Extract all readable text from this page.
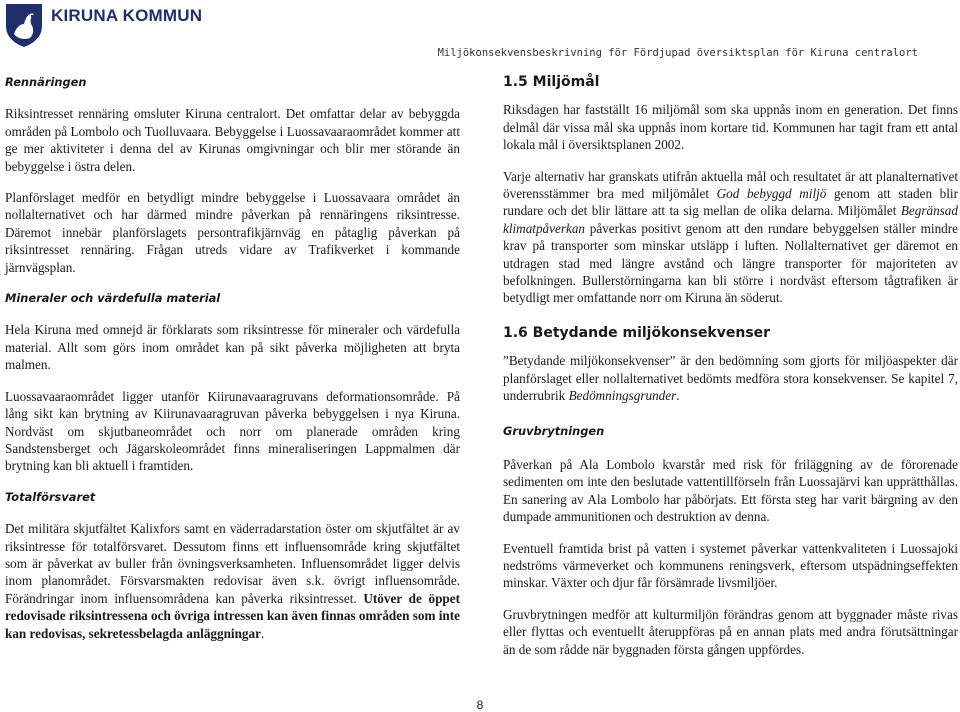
KIRUNA KOMMUN
Miljökonsekvensbeskrivning för Fördjupad översiktsplan för Kiruna centralort
Rennäringen

Riksintresset rennäring omsluter Kiruna centralort. Det omfattar delar av bebyggda områden på Lombolo och Tuolluvaara. Bebyggelse i Luossavaaraområdet kommer att ge mer aktiviteter i denna del av Kirunas omgivningar och blir mer störande än bebyggelse i östra delen.

Planförslaget medför en betydligt mindre bebyggelse i Luossavaara området än nollalternativet och har därmed mindre påverkan på rennäringens riksintresse. Däremot innebär planförslagets persontrafikjärnväg en påtaglig påverkan på riksintresset rennäring. Frågan utreds vidare av Trafikverket i kommande järnvägsplan.

Mineraler och värdefulla material

Hela Kiruna med omnejd är förklarats som riksintresse för mineraler och värdefulla material. Allt som görs inom området kan på sikt påverka möjligheten att bryta malmen.

Luossavaaraområdet ligger utanför Kiirunavaaragruvans deformationsområde. På lång sikt kan brytning av Kiirunavaaragruvan påverka bebyggelsen i nya Kiruna. Nordväst om skjutbaneområdet och norr om planerade områden kring Sandstensberget och Jägarskoleområdet finns mineraliseringen Lappmalmen där brytning kan bli aktuell i framtiden.

Totalförsvaret

Det militära skjutfältet Kalixfors samt en väderradarstation öster om skjutfältet är av riksintresse för totalförsvaret. Dessutom finns ett influensområde kring skjutfältet som är påverkat av buller från övningsverksamheten. Influensområdet ligger delvis inom planområdet. Försvarsmakten redovisar även s.k. övrigt influensområde. Förändringar inom influensområdena kan påverka riksintresset. Utöver de öppet redovisade riksintressena och övriga intressen kan även finnas områden som inte kan redovisas, sekretessbelagda anläggningar.

1.5 Miljömål

Riksdagen har fastställt 16 miljömål som ska uppnås inom en generation. Det finns delmål där vissa mål ska uppnås inom kortare tid. Kommunen har tagit fram ett antal lokala mål i översiktsplanen 2002.

Varje alternativ har granskats utifrån aktuella mål och resultatet är att planalternativet överensstämmer bra med miljömålet God bebyggd miljö genom att staden blir rundare och det blir lättare att ta sig mellan de olika delarna. Miljömålet Begränsad klimatpåverkan påverkas positivt genom att den rundare bebyggelsen ställer mindre krav på transporter som minskar utsläpp i luften. Nollalternativet ger däremot en utdragen stad med längre avstånd och längre transporter för majoriteten av befolkningen. Bullerstörningarna kan bli större i nordväst eftersom tågtrafiken är betydligt mer omfattande norr om Kiruna än söderut.

1.6 Betydande miljökonsekvenser

”Betydande miljökonsekvenser” är den bedömning som gjorts för miljöaspekter där planförslaget eller nollalternativet bedömts medföra stora konsekvenser. Se kapitel 7, underrubrik Bedömningsgrunder.

Gruvbrytningen

Påverkan på Ala Lombolo kvarstår med risk för friläggning av de förorenade sedimenten om inte den beslutade vattentillförseln från Luossajärvi kan upprätthållas. En sanering av Ala Lombolo har påbörjats. Ett första steg har varit bärgning av den dumpade ammunitionen och destruktion av denna.

Eventuell framtida brist på vatten i systemet påverkar vattenkvaliteten i Luossajoki nedströms värmeverket och kommunens reningsverk, eftersom utspädningseffekten minskar. Växter och djur får försämrade livsmiljöer.

Gruvbrytningen medför att kulturmiljön förändras genom att byggnader måste rivas eller flyttas och eventuellt återuppföras på en annan plats med andra förutsättningar än de som rådde när byggnaden första gången uppfördes.

8
